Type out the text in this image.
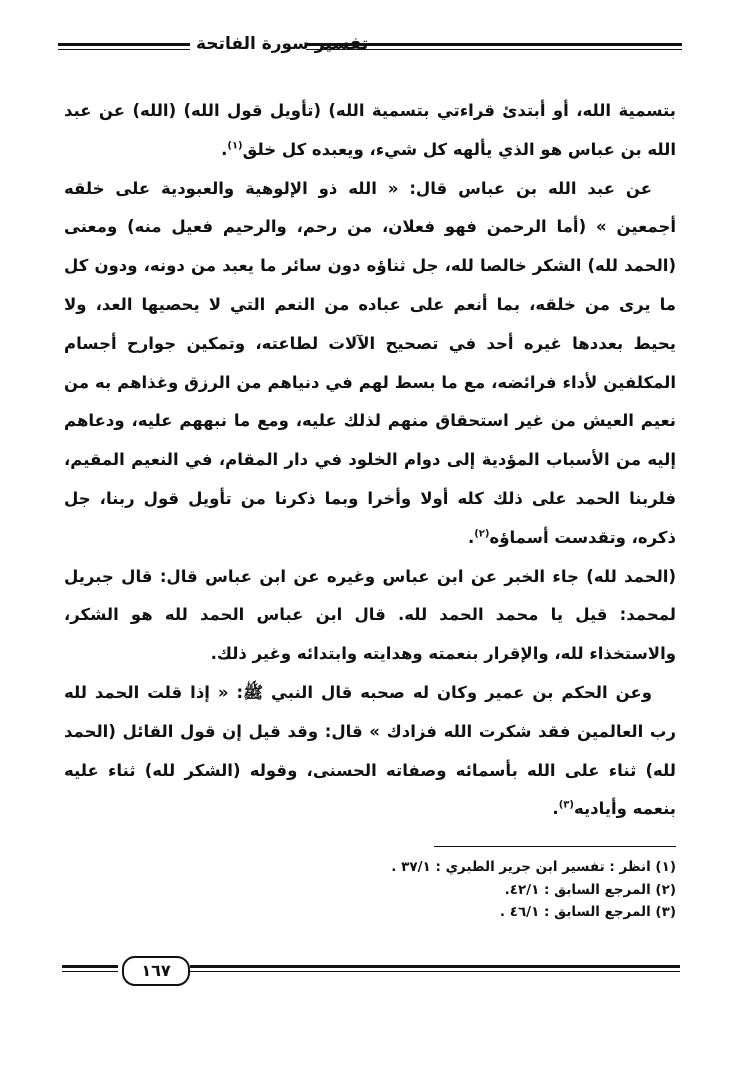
تفسير سورة الفاتحة

بتسمية الله، أو أبتدئ قراءتي بتسمية الله) (تأويل قول الله) (الله) عن عبد الله بن عباس هو الذي يألهه كل شيء، ويعبده كل خلق$^{(١)}$.

عن عبد الله بن عباس قال: « الله ذو الإلوهية والعبودية على خلقه أجمعين » (أما الرحمن فهو فعلان، من رحم، والرحيم فعيل منه) ومعنى (الحمد لله) الشكر خالصا لله، جل ثناؤه دون سائر ما يعبد من دونه، ودون كل ما يرى من خلقه، بما أنعم على عباده من النعم التي لا يحصيها العد، ولا يحيط بعددها غيره أحد في تصحيح الآلات لطاعته، وتمكين جوارح أجسام المكلفين لأداء فرائضه، مع ما بسط لهم في دنياهم من الرزق وغذاهم به من نعيم العيش من غير استحقاق منهم لذلك عليه، ومع ما نبههم عليه، ودعاهم إليه من الأسباب المؤدية إلى دوام الخلود في دار المقام، في النعيم المقيم، فلربنا الحمد على ذلك كله أولا وأخرا وبما ذكرنا من تأويل قول ربنا، جل ذكره، وتقدست أسماؤه$^{(٢)}$.

(الحمد لله) جاء الخبر عن ابن عباس وغيره عن ابن عباس قال: قال جبريل لمحمد: قيل يا محمد الحمد لله. قال ابن عباس الحمد لله هو الشكر، والاستخذاء لله، والإقرار بنعمته وهدايته وابتدائه وغير ذلك.

وعن الحكم بن عمير وكان له صحبه قال النبي ﷺ: « إذا قلت الحمد لله رب العالمين فقد شكرت الله فزادك » قال: وقد قيل إن قول القائل (الحمد لله) ثناء على الله بأسمائه وصفاته الحسنى، وقوله (الشكر لله) ثناء عليه بنعمه وأياديه$^{(٣)}$.

(١) انظر : تفسير ابن جرير الطبري : ٣٧/١ .
(٢) المرجع السابق : ٤٢/١.
(٣) المرجع السابق : ٤٦/١ .
١٦٧
